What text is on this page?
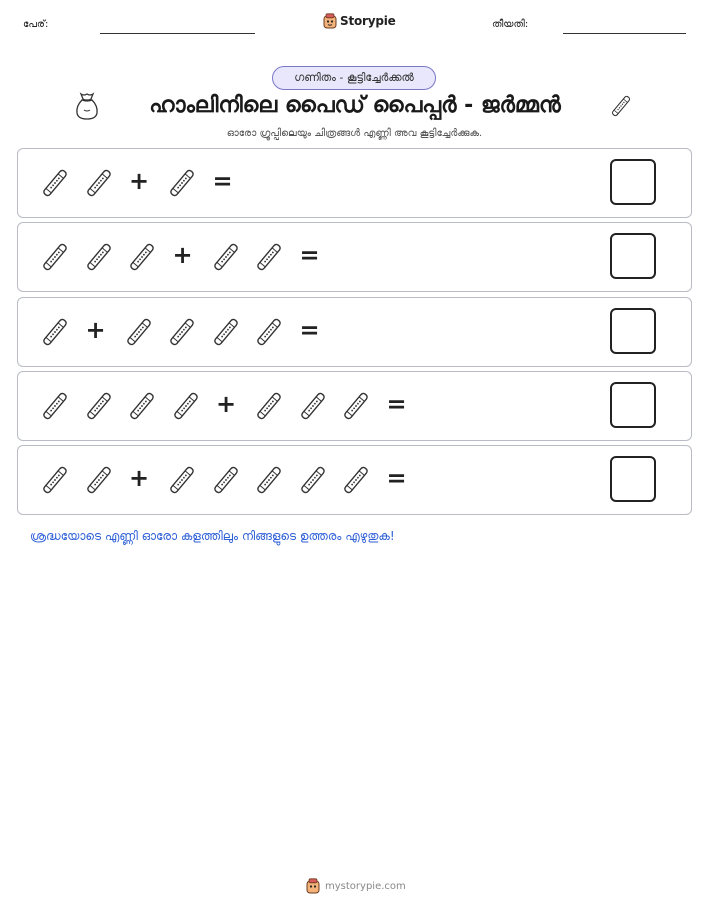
പേര്:	Storypie	തീയതി:
ഗണിതം - കൂട്ടിച്ചേർക്കൽ
ഹാംലിനിലെ പൈഡ് പൈപ്പർ - ജർമ്മൻ
ഓരോ ഗ്രൂപ്പിലെയും ചിത്രങ്ങൾ എണ്ണി അവ കൂട്ടിച്ചേർക്കുക.
+	=
+	=
+	=
+	=
+	=
ശ്രദ്ധയോടെ എണ്ണി ഓരോ കളത്തിലും നിങ്ങളുടെ ഉത്തരം എഴുതുക!
mystorypie.com
